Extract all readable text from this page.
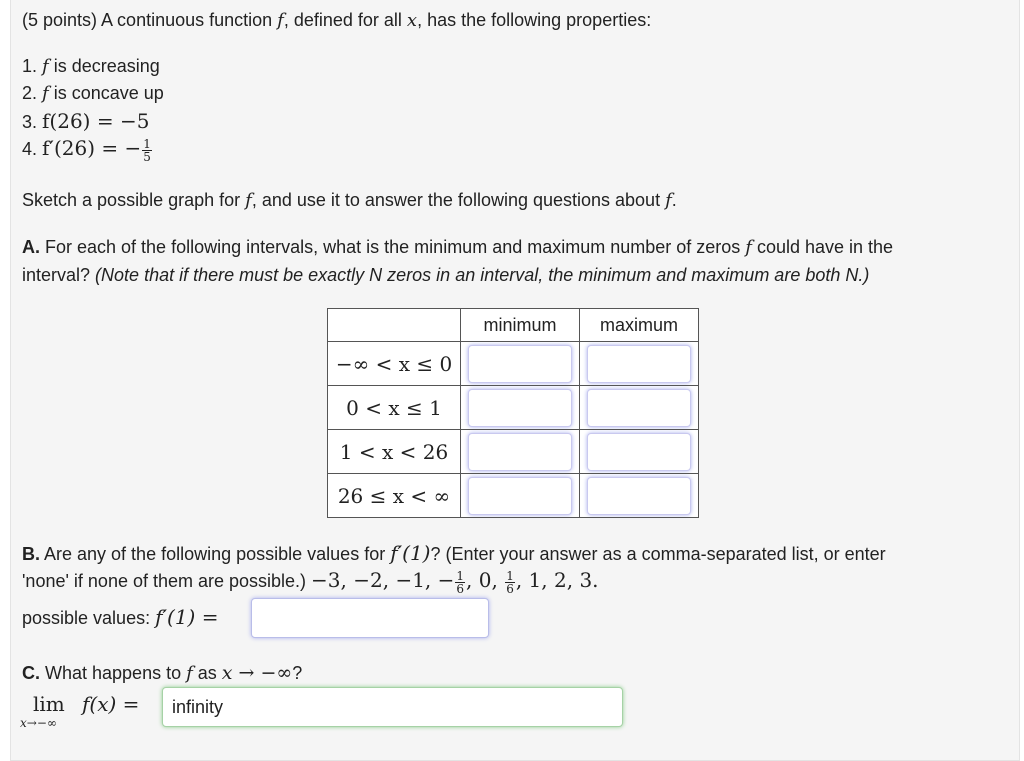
(5 points) A continuous function f, defined for all x, has the following properties:
1. f is decreasing
2. f is concave up
3. f(26) = −5
4. f′(26) = − $\frac{1}{5}$
Sketch a possible graph for f, and use it to answer the following questions about f.
A. For each of the following intervals, what is the minimum and maximum number of zeros f could have in the
interval? (Note that if there must be exactly N zeros in an interval, the minimum and maximum are both N.)
	minimum	maximum
−∞ < x ≤ 0	

0 < x ≤ 1	

1 < x < 26	

26 ≤ x < ∞	

B. Are any of the following possible values for f′(1)? (Enter your answer as a comma-separated list, or enter
'none' if none of them are possible.) −3, −2, −1, − $\frac{1}{6}$ , 0, $\frac{1}{6}$ , 1, 2, 3.
possible values: f′(1) =
C. What happens to f as x → −∞?
lim
x→−∞
f(x) =	infinity
